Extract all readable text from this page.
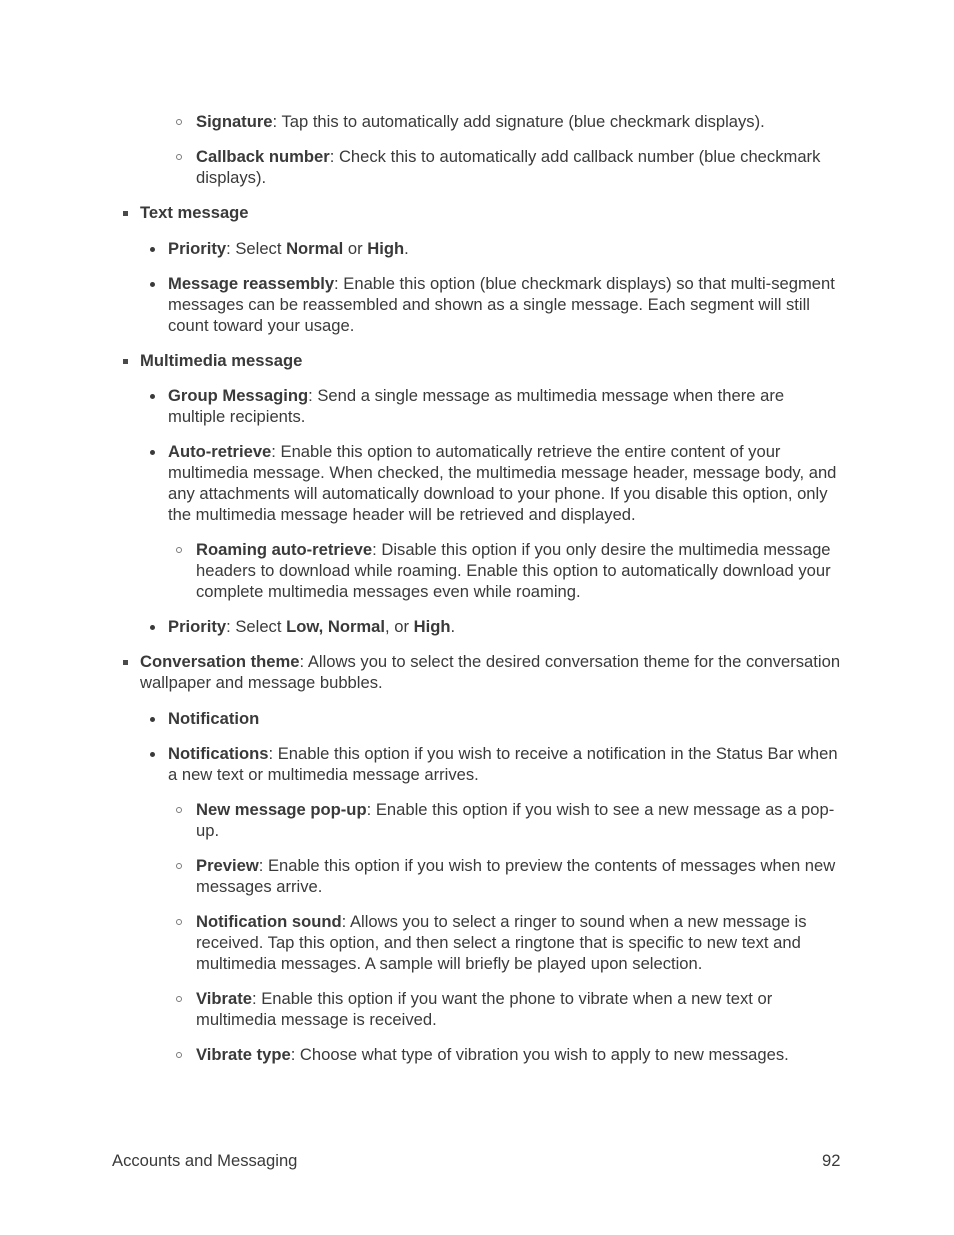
Signature: Tap this to automatically add signature (blue checkmark displays).
Callback number: Check this to automatically add callback number (blue checkmark displays).
Text message
Priority: Select Normal or High.
Message reassembly: Enable this option (blue checkmark displays) so that multi-segment messages can be reassembled and shown as a single message. Each segment will still count toward your usage.
Multimedia message
Group Messaging: Send a single message as multimedia message when there are multiple recipients.
Auto-retrieve: Enable this option to automatically retrieve the entire content of your multimedia message. When checked, the multimedia message header, message body, and any attachments will automatically download to your phone. If you disable this option, only the multimedia message header will be retrieved and displayed.
Roaming auto-retrieve: Disable this option if you only desire the multimedia message headers to download while roaming. Enable this option to automatically download your complete multimedia messages even while roaming.
Priority: Select Low, Normal, or High.
Conversation theme: Allows you to select the desired conversation theme for the conversation wallpaper and message bubbles.
Notification
Notifications: Enable this option if you wish to receive a notification in the Status Bar when a new text or multimedia message arrives.
New message pop-up: Enable this option if you wish to see a new message as a pop-up.
Preview: Enable this option if you wish to preview the contents of messages when new messages arrive.
Notification sound: Allows you to select a ringer to sound when a new message is received. Tap this option, and then select a ringtone that is specific to new text and multimedia messages. A sample will briefly be played upon selection.
Vibrate: Enable this option if you want the phone to vibrate when a new text or multimedia message is received.
Vibrate type: Choose what type of vibration you wish to apply to new messages.
Accounts and Messaging	92
